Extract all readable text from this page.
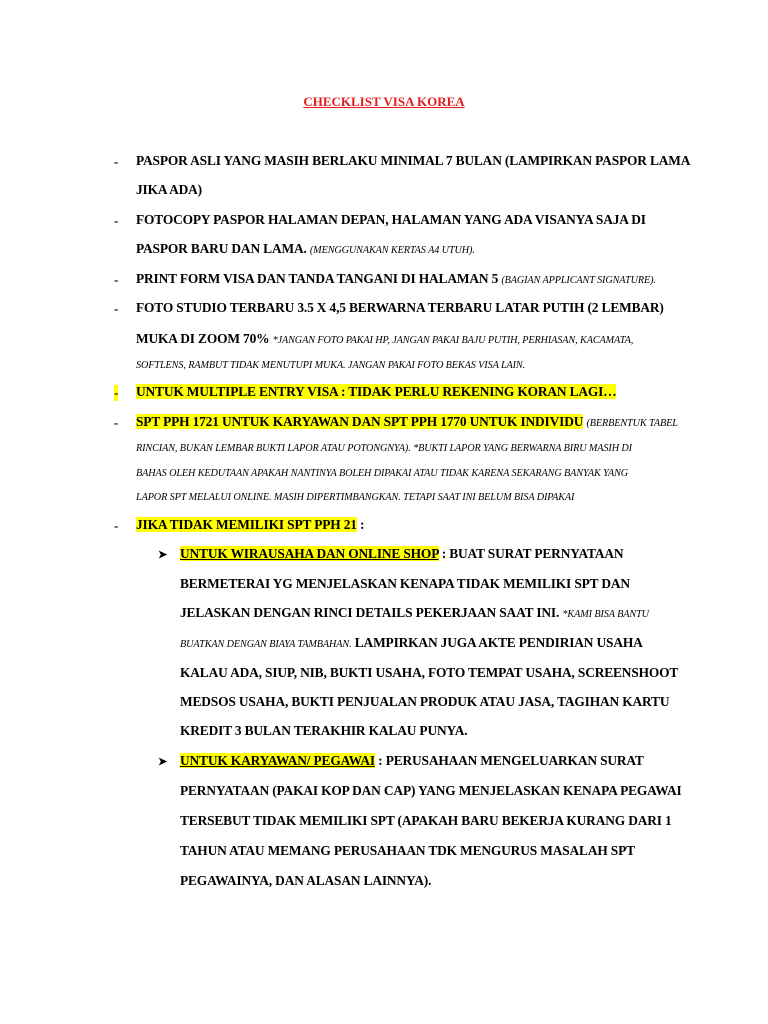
CHECKLIST VISA KOREA
- PASPOR ASLI YANG MASIH BERLAKU MINIMAL 7 BULAN (LAMPIRKAN PASPOR LAMA
JIKA ADA)
- FOTOCOPY PASPOR HALAMAN DEPAN, HALAMAN YANG ADA VISANYA SAJA DI
PASPOR BARU DAN LAMA. (MENGGUNAKAN KERTAS A4 UTUH).
- PRINT FORM VISA DAN TANDA TANGANI DI HALAMAN 5 (BAGIAN APPLICANT SIGNATURE).
- FOTO STUDIO TERBARU 3.5 X 4,5 BERWARNA TERBARU LATAR PUTIH (2 LEMBAR)
MUKA DI ZOOM 70% *JANGAN FOTO PAKAI HP, JANGAN PAKAI BAJU PUTIH, PERHIASAN, KACAMATA,
SOFTLENS, RAMBUT TIDAK MENUTUPI MUKA. JANGAN PAKAI FOTO BEKAS VISA LAIN.
- UNTUK MULTIPLE ENTRY VISA : TIDAK PERLU REKENING KORAN LAGI…
- SPT PPH 1721 UNTUK KARYAWAN DAN SPT PPH 1770 UNTUK INDIVIDU (BERBENTUK TABEL
RINCIAN, BUKAN LEMBAR BUKTI LAPOR ATAU POTONGNYA). *BUKTI LAPOR YANG BERWARNA BIRU MASIH DI
BAHAS OLEH KEDUTAAN APAKAH NANTINYA BOLEH DIPAKAI ATAU TIDAK KARENA SEKARANG BANYAK YANG
LAPOR SPT MELALUI ONLINE. MASIH DIPERTIMBANGKAN. TETAPI SAAT INI BELUM BISA DIPAKAI
- JIKA TIDAK MEMILIKI SPT PPH 21 :
➤ UNTUK WIRAUSAHA DAN ONLINE SHOP : BUAT SURAT PERNYATAAN
BERMETERAI YG MENJELASKAN KENAPA TIDAK MEMILIKI SPT DAN
JELASKAN DENGAN RINCI DETAILS PEKERJAAN SAAT INI. *KAMI BISA BANTU
BUATKAN DENGAN BIAYA TAMBAHAN. LAMPIRKAN JUGA AKTE PENDIRIAN USAHA
KALAU ADA, SIUP, NIB, BUKTI USAHA, FOTO TEMPAT USAHA, SCREENSHOOT
MEDSOS USAHA, BUKTI PENJUALAN PRODUK ATAU JASA, TAGIHAN KARTU
KREDIT 3 BULAN TERAKHIR KALAU PUNYA.
➤ UNTUK KARYAWAN/ PEGAWAI : PERUSAHAAN MENGELUARKAN SURAT
PERNYATAAN (PAKAI KOP DAN CAP) YANG MENJELASKAN KENAPA PEGAWAI
TERSEBUT TIDAK MEMILIKI SPT (APAKAH BARU BEKERJA KURANG DARI 1
TAHUN ATAU MEMANG PERUSAHAAN TDK MENGURUS MASALAH SPT
PEGAWAINYA, DAN ALASAN LAINNYA).
